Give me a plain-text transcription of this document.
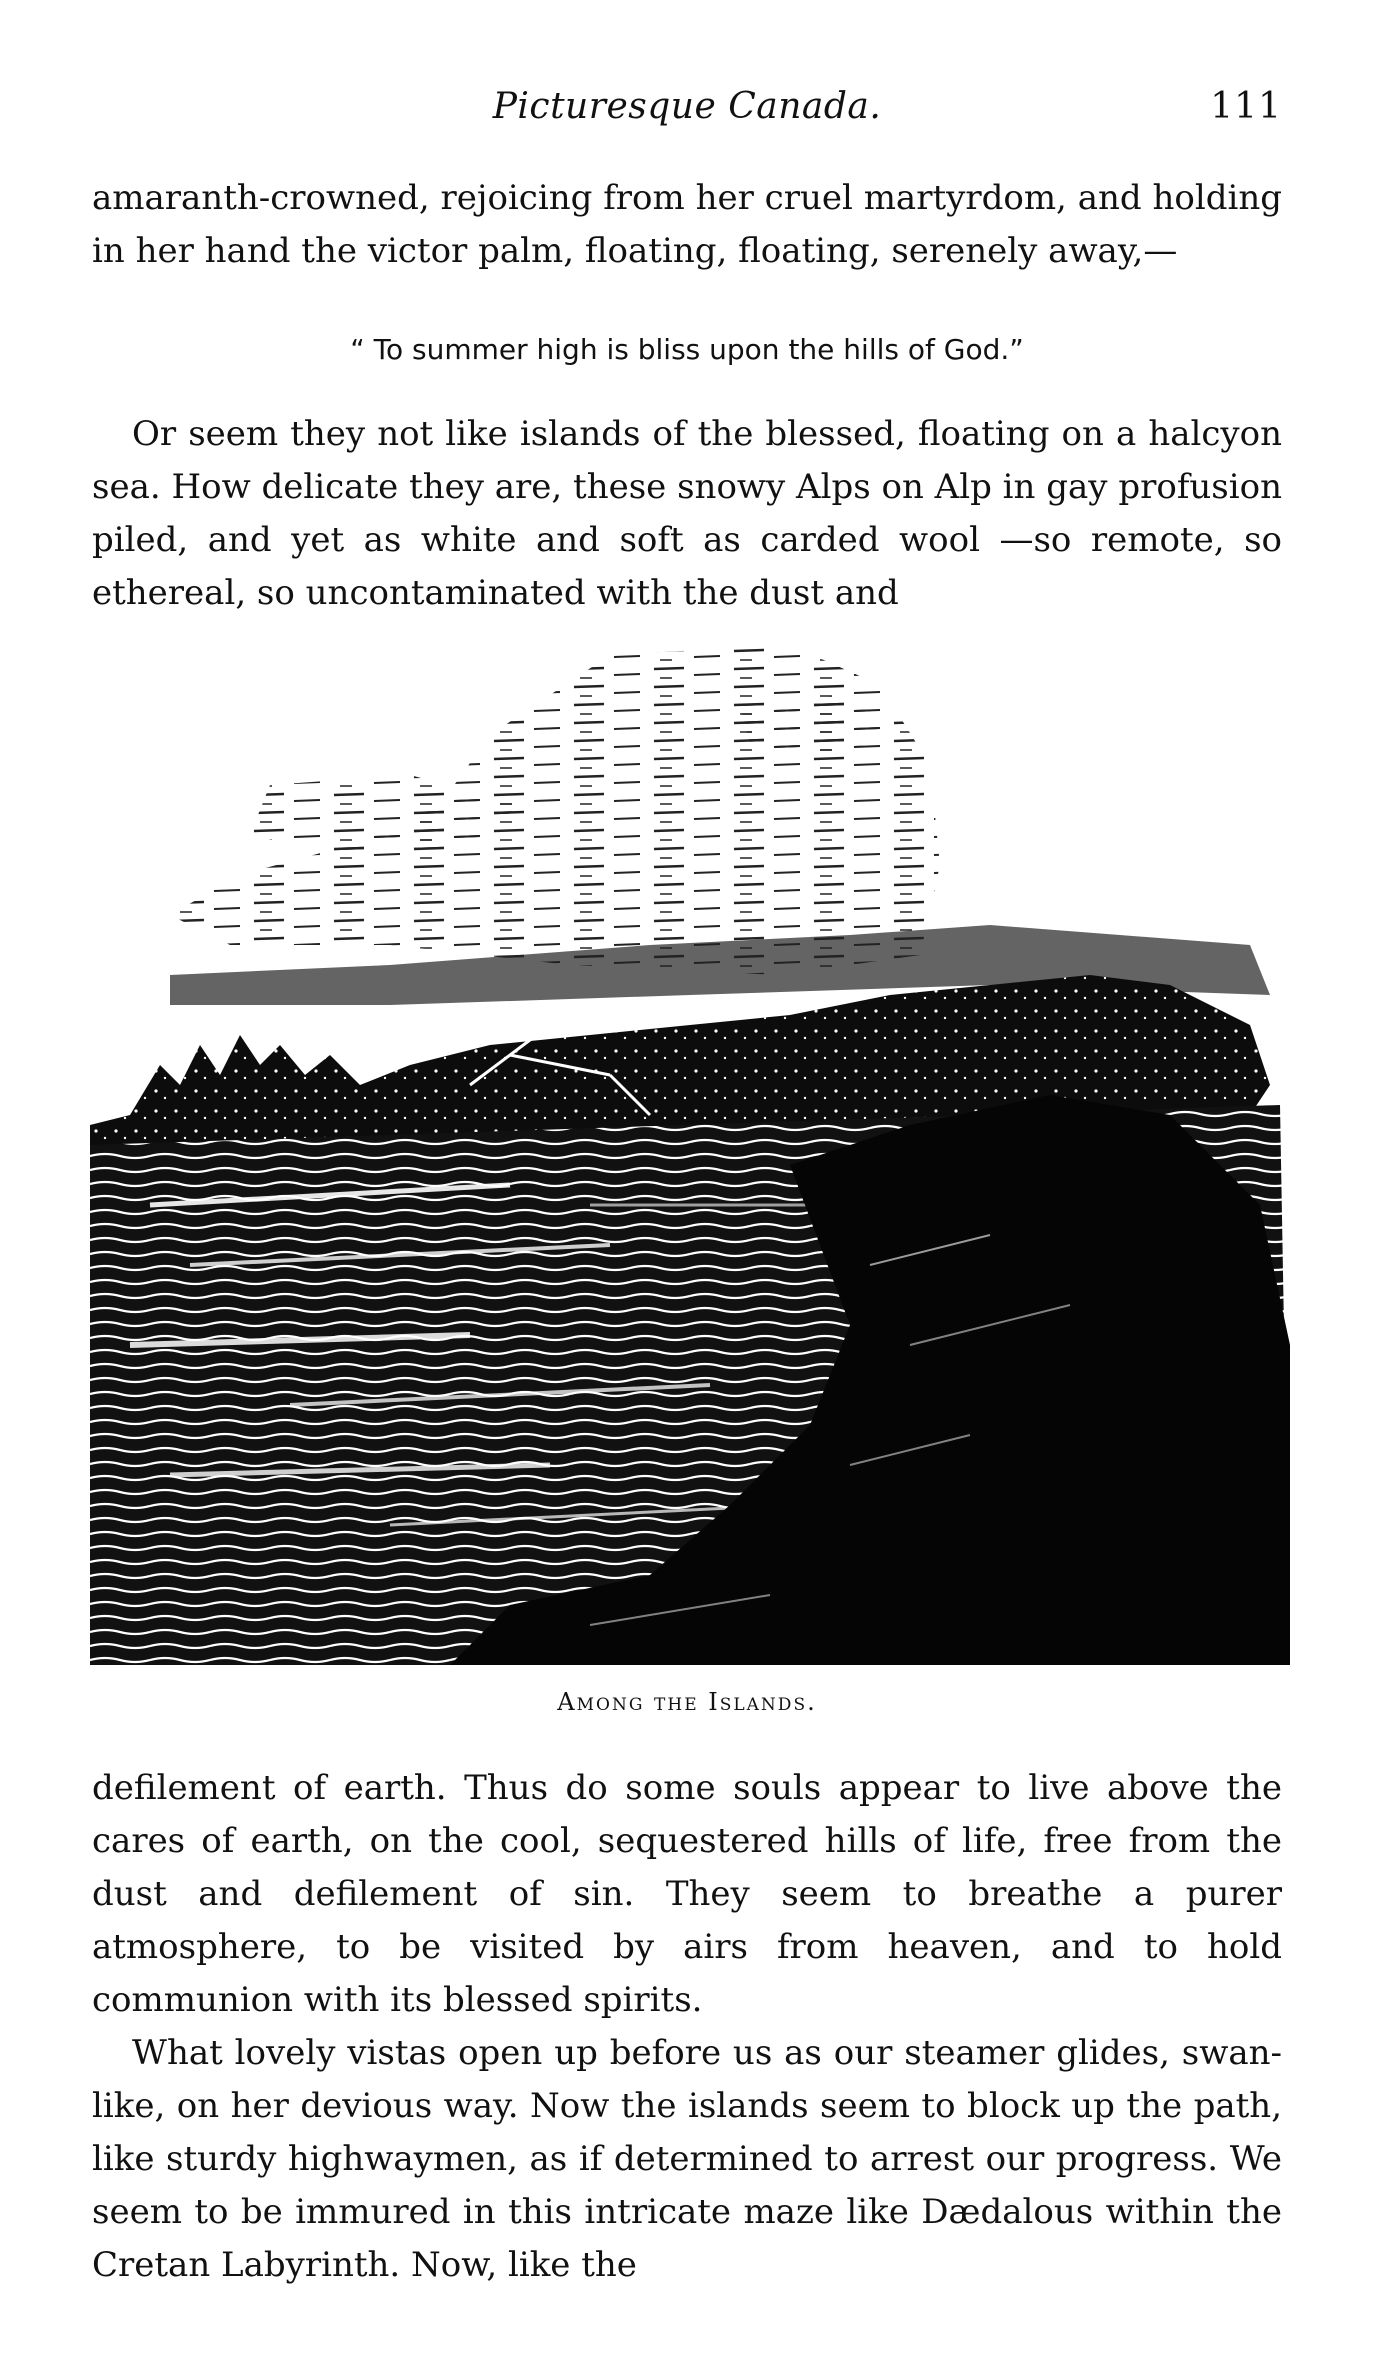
Picturesque Canada.	111

amaranth-crowned, rejoicing from her cruel martyrdom, and holding in her hand the victor palm, floating, floating, serenely away,—

“ To summer high is bliss upon the hills of God.”

Or seem they not like islands of the blessed, floating on a halcyon sea. How delicate they are, these snowy Alps on Alp in gay profusion piled, and yet as white and soft as carded wool —so remote, so ethereal, so uncontaminated with the dust and

Among the Islands.

defilement of earth. Thus do some souls appear to live above the cares of earth, on the cool, sequestered hills of life, free from the dust and defilement of sin. They seem to breathe a purer atmosphere, to be visited by airs from heaven, and to hold communion with its blessed spirits.

What lovely vistas open up before us as our steamer glides, swan-like, on her devious way. Now the islands seem to block up the path, like sturdy highwaymen, as if determined to arrest our progress. We seem to be immured in this intricate maze like Dædalous within the Cretan Labyrinth. Now, like the
